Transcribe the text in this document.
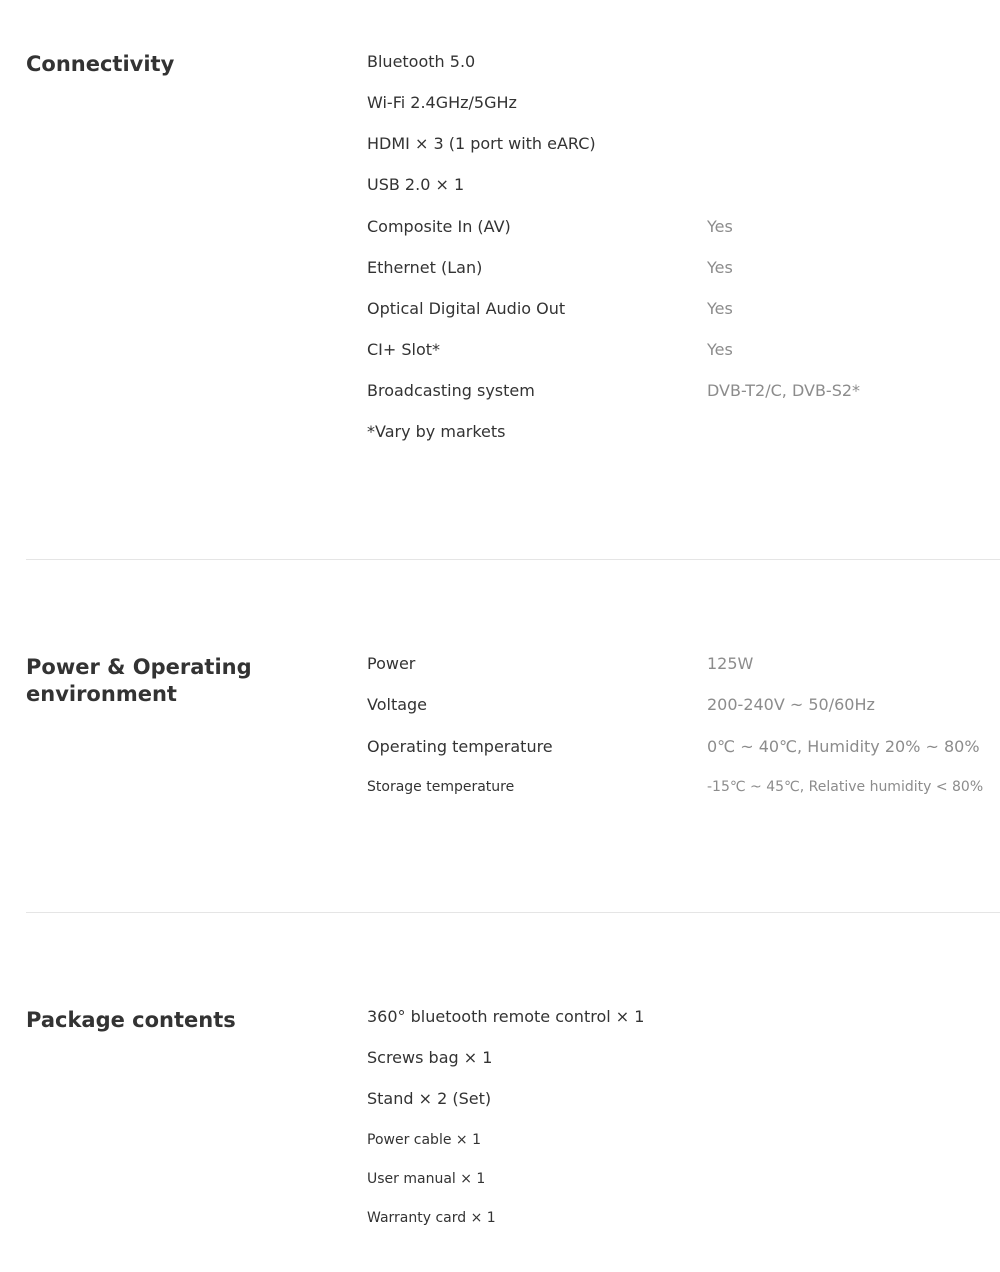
Connectivity	Bluetooth 5.0
Wi-Fi 2.4GHz/5GHz
HDMI × 3 (1 port with eARC)
USB 2.0 × 1
Composite In (AV)	Yes
Ethernet (Lan)	Yes
Optical Digital Audio Out	Yes
CI+ Slot*	Yes
Broadcasting system	DVB-T2/C, DVB-S2*
*Vary by markets
Power & Operating
environment
Power	125W
Voltage	200-240V ~ 50/60Hz
Operating temperature	0℃ ~ 40℃, Humidity 20% ~ 80%
Storage temperature	-15℃ ~ 45℃, Relative humidity < 80%
Package contents	360° bluetooth remote control × 1
Screws bag × 1
Stand × 2 (Set)
Power cable × 1
User manual × 1
Warranty card × 1
